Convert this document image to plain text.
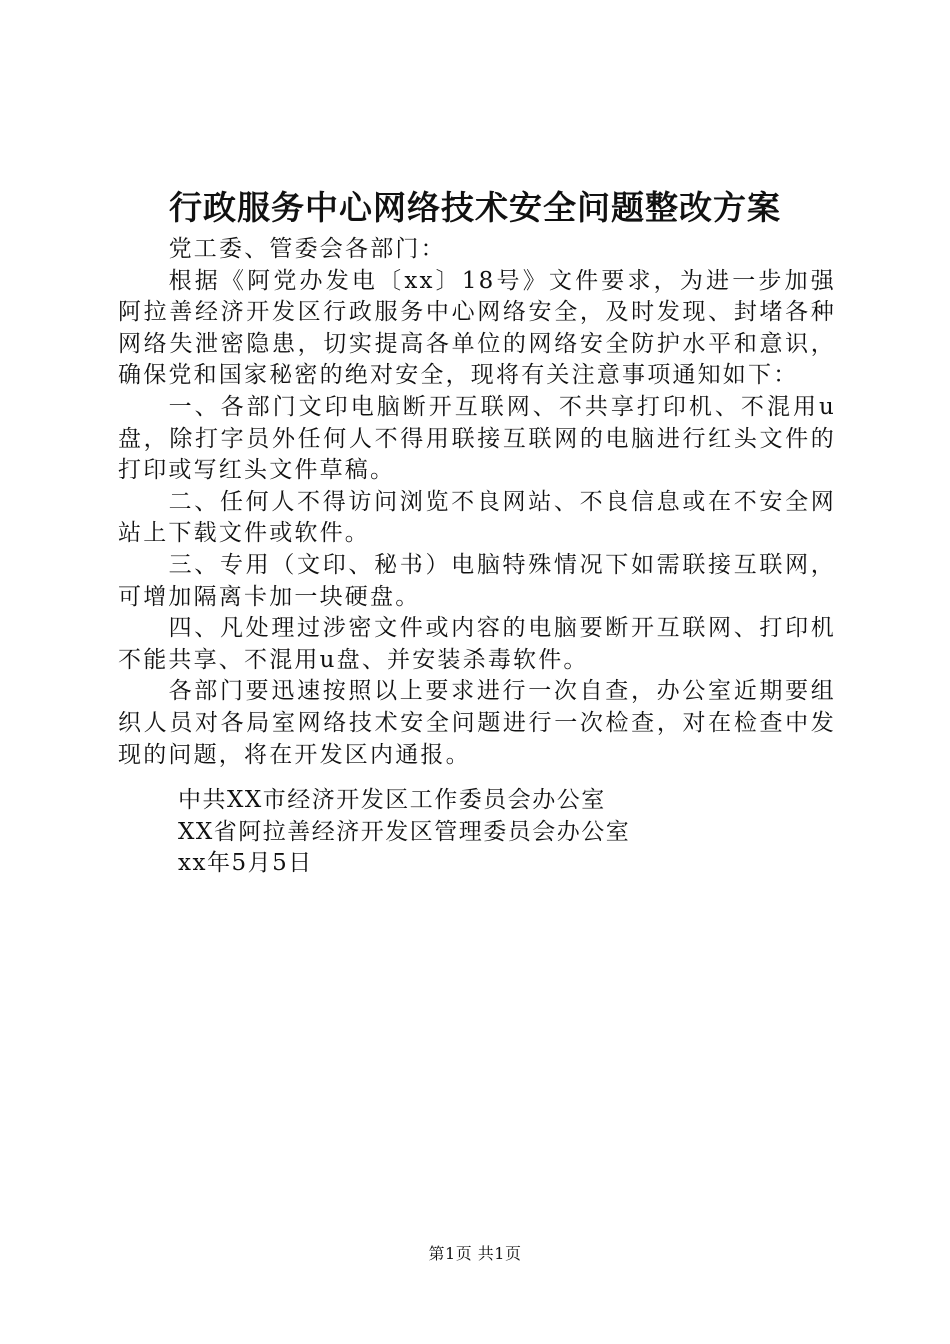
行政服务中心网络技术安全问题整改方案

党工委、管委会各部门：

根据《阿党办发电〔xx〕18号》文件要求，为进一步加强阿拉善经济开发区行政服务中心网络安全，及时发现、封堵各种网络失泄密隐患，切实提高各单位的网络安全防护水平和意识，确保党和国家秘密的绝对安全，现将有关注意事项通知如下：

一、各部门文印电脑断开互联网、不共享打印机、不混用u盘，除打字员外任何人不得用联接互联网的电脑进行红头文件的打印或写红头文件草稿。

二、任何人不得访问浏览不良网站、不良信息或在不安全网站上下载文件或软件。

三、专用（文印、秘书）电脑特殊情况下如需联接互联网，可增加隔离卡加一块硬盘。

四、凡处理过涉密文件或内容的电脑要断开互联网、打印机不能共享、不混用u盘、并安装杀毒软件。

各部门要迅速按照以上要求进行一次自查，办公室近期要组织人员对各局室网络技术安全问题进行一次检查，对在检查中发现的问题，将在开发区内通报。

中共XX市经济开发区工作委员会办公室
XX省阿拉善经济开发区管理委员会办公室
xx年5月5日
第1页 共1页
